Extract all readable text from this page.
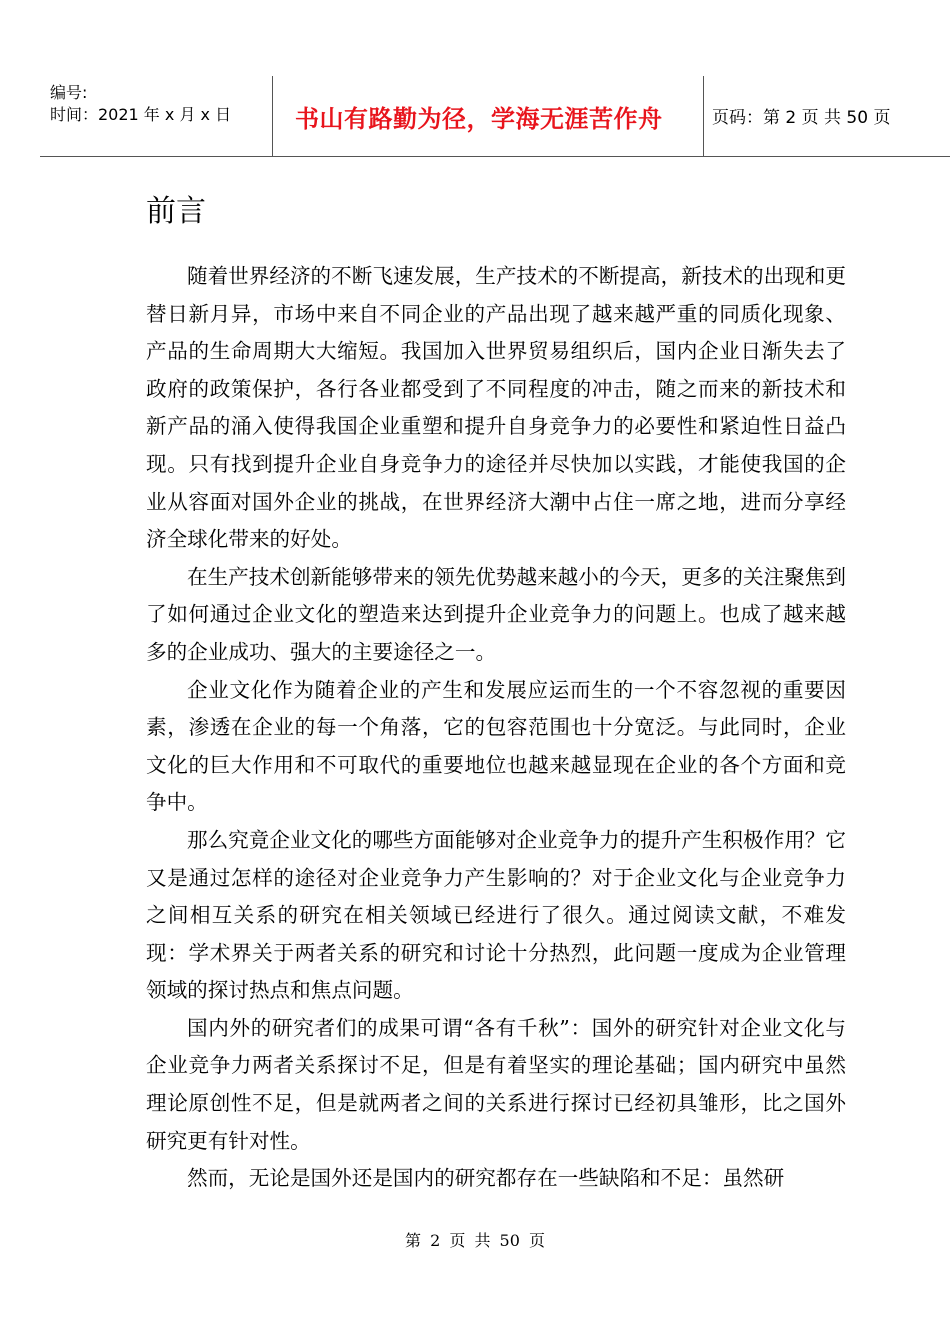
编号:
时间：2021 年 x 月 x 日	书山有路勤为径，学海无涯苦作舟	页码：第 2 页 共 50 页
前言

随着世界经济的不断飞速发展，生产技术的不断提高，新技术的出现和更替日新月异，市场中来自不同企业的产品出现了越来越严重的同质化现象、产品的生命周期大大缩短。我国加入世界贸易组织后，国内企业日渐失去了政府的政策保护，各行各业都受到了不同程度的冲击，随之而来的新技术和新产品的涌入使得我国企业重塑和提升自身竞争力的必要性和紧迫性日益凸现。只有找到提升企业自身竞争力的途径并尽快加以实践，才能使我国的企业从容面对国外企业的挑战，在世界经济大潮中占住一席之地，进而分享经济全球化带来的好处。

在生产技术创新能够带来的领先优势越来越小的今天，更多的关注聚焦到了如何通过企业文化的塑造来达到提升企业竞争力的问题上。也成了越来越多的企业成功、强大的主要途径之一。

企业文化作为随着企业的产生和发展应运而生的一个不容忽视的重要因素，渗透在企业的每一个角落，它的包容范围也十分宽泛。与此同时，企业文化的巨大作用和不可取代的重要地位也越来越显现在企业的各个方面和竞争中。

那么究竟企业文化的哪些方面能够对企业竞争力的提升产生积极作用？它又是通过怎样的途径对企业竞争力产生影响的？对于企业文化与企业竞争力之间相互关系的研究在相关领域已经进行了很久。通过阅读文献，不难发现：学术界关于两者关系的研究和讨论十分热烈，此问题一度成为企业管理领域的探讨热点和焦点问题。

国内外的研究者们的成果可谓“各有千秋”：国外的研究针对企业文化与企业竞争力两者关系探讨不足，但是有着坚实的理论基础；国内研究中虽然理论原创性不足，但是就两者之间的关系进行探讨已经初具雏形，比之国外研究更有针对性。

然而，无论是国外还是国内的研究都存在一些缺陷和不足：虽然研

第 2 页 共 50 页
